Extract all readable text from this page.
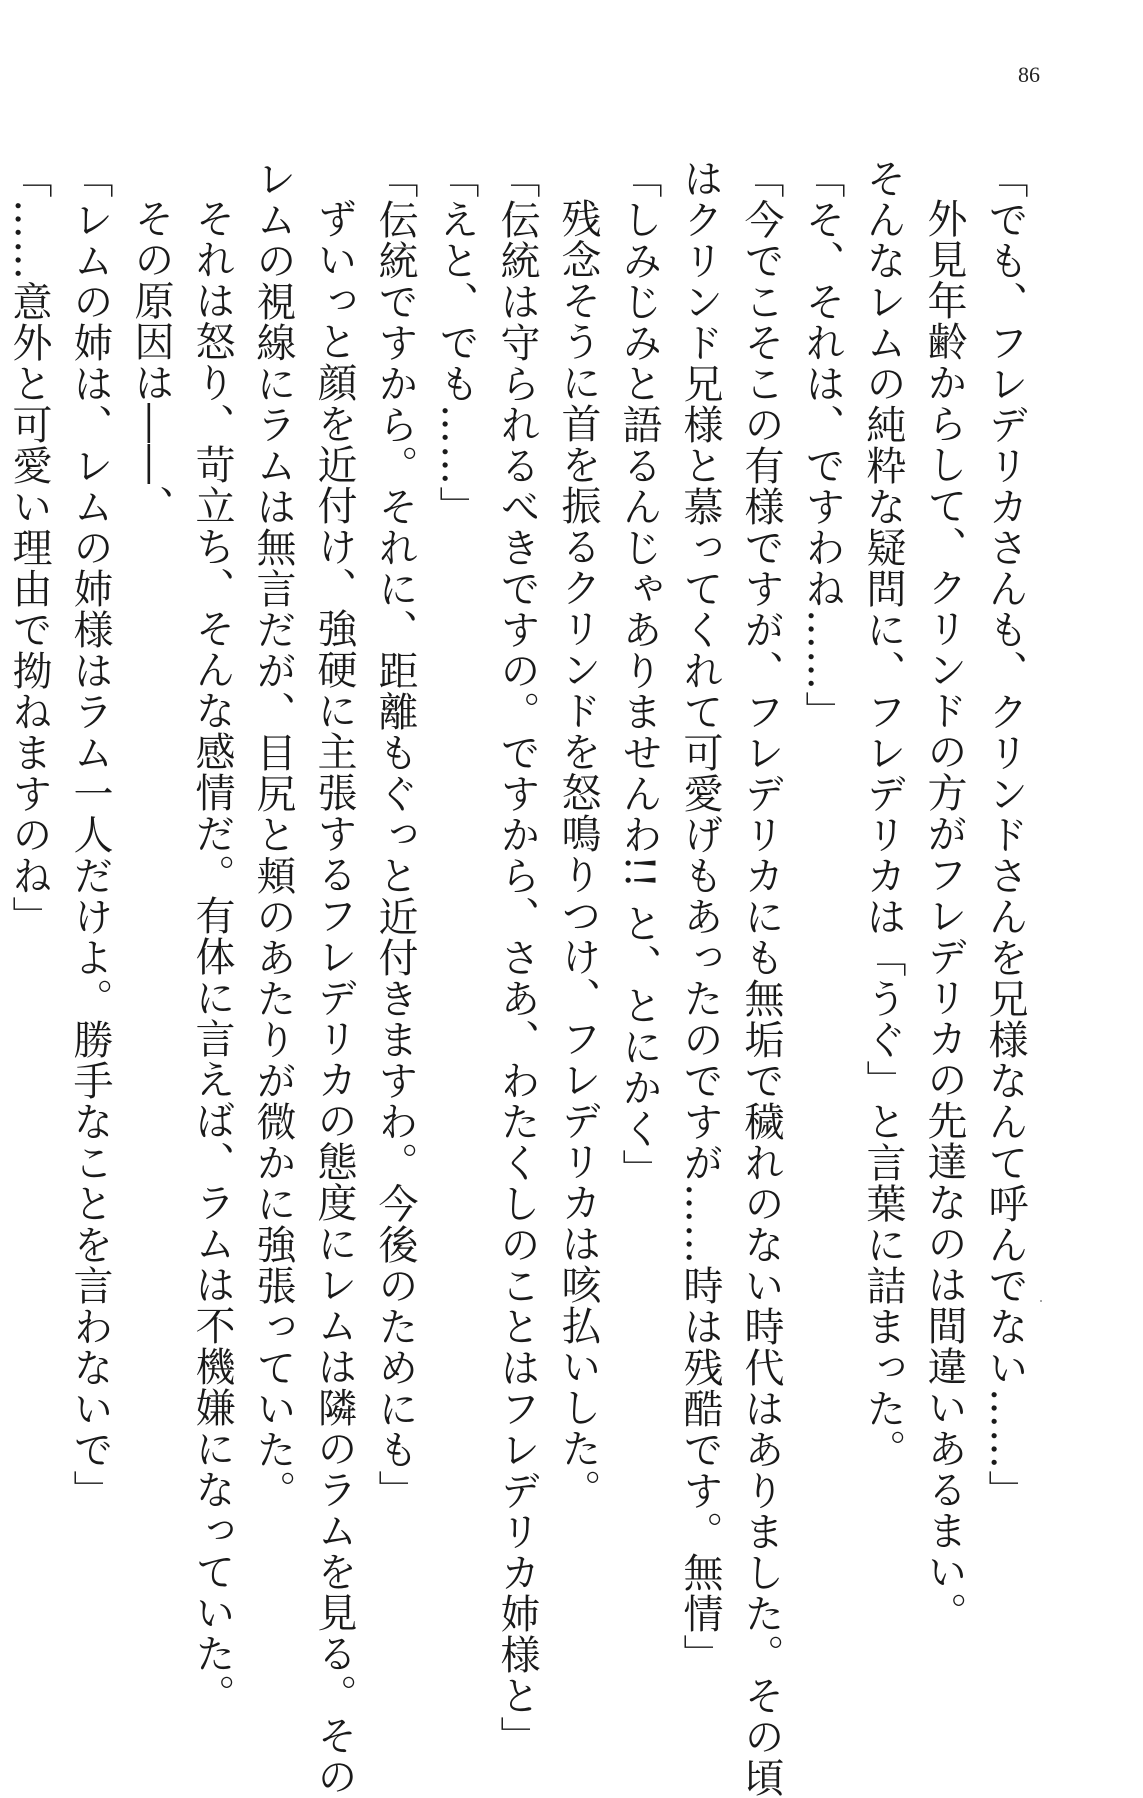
86
「でも、フレデリカさんも、クリンドさんを兄様なんて呼んでない……」
外見年齢からして、クリンドの方がフレデリカの先達なのは間違いあるまい。
そんなレムの純粋な疑問に、フレデリカは「うぐ」と言葉に詰まった。
「そ、それは、ですわね……」
「今でこそこの有様ですが、フレデリカにも無垢で穢れのない時代はありました。その頃
はクリンド兄様と慕ってくれて可愛げもあったのですが……時は残酷です。無情」
「しみじみと語るんじゃありませんわ!! と、とにかく」
残念そうに首を振るクリンドを怒鳴りつけ、フレデリカは咳払いした。
「伝統は守られるべきですの。ですから、さあ、わたくしのことはフレデリカ姉様と」
「えと、でも……」
「伝統ですから。それに、距離もぐっと近付きますわ。今後のためにも」
ずいっと顔を近付け、強硬に主張するフレデリカの態度にレムは隣のラムを見る。その
レムの視線にラムは無言だが、目尻と頬のあたりが微かに強張っていた。
それは怒り、苛立ち、そんな感情だ。有体に言えば、ラムは不機嫌になっていた。
その原因は――、
「レムの姉は、レムの姉様はラム一人だけよ。勝手なことを言わないで」
「……意外と可愛い理由で拗ねますのね」
